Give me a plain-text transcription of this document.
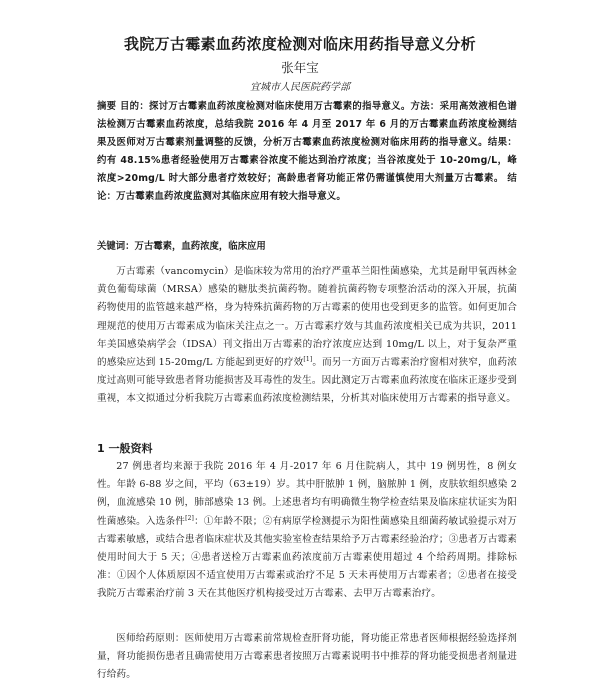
我院万古霉素血药浓度检测对临床用药指导意义分析
张年宝
宜城市人民医院药学部
摘要 目的：探讨万古霉素血药浓度检测对临床使用万古霉素的指导意义。方法：采用高效液相色谱法检测万古霉素血药浓度，总结我院 2016 年 4 月至 2017 年 6 月的万古霉素血药浓度检测结果及医师对万古霉素剂量调整的反馈，分析万古霉素血药浓度检测对临床用药的指导意义。结果：约有 48.15%患者经验使用万古霉素谷浓度不能达到治疗浓度；当谷浓度处于 10-20mg/L，峰浓度>20mg/L 时大部分患者疗效较好；高龄患者肾功能正常仍需谨慎使用大剂量万古霉素。 结论：万古霉素血药浓度监测对其临床应用有较大指导意义。
关键词：万古霉素，血药浓度，临床应用
万古霉素（vancomycin）是临床较为常用的治疗严重革兰阳性菌感染，尤其是耐甲氧西林金黄色葡萄球菌（MRSA）感染的糖肽类抗菌药物。随着抗菌药物专项整治活动的深入开展，抗菌药物使用的监管越来越严格，身为特殊抗菌药物的万古霉素的使用也受到更多的监管。如何更加合理规范的使用万古霉素成为临床关注点之一。万古霉素疗效与其血药浓度相关已成为共识，2011 年美国感染病学会（IDSA）刊文指出万古霉素的治疗浓度应达到 10mg/L 以上，对于复杂严重的感染应达到 15-20mg/L 方能起到更好的疗效[1]。而另一方面万古霉素治疗窗相对狭窄，血药浓度过高则可能导致患者肾功能损害及耳毒性的发生。因此测定万古霉素血药浓度在临床正逐步受到重视，本文拟通过分析我院万古霉素血药浓度检测结果，分析其对临床使用万古霉素的指导意义。
1 一般资料
27 例患者均来源于我院 2016 年 4 月-2017 年 6 月住院病人，其中 19 例男性，8 例女性。年龄 6-88 岁之间，平均（63±19）岁。其中肝脓肿 1 例，脑脓肿 1 例，皮肤软组织感染 2 例，血流感染 10 例，肺部感染 13 例。上述患者均有明确微生物学检查结果及临床症状证实为阳性菌感染。入选条件[2]：①年龄不限；②有病原学检测提示为阳性菌感染且细菌药敏试验提示对万古霉素敏感，或结合患者临床症状及其他实验室检查结果给予万古霉素经验治疗；③患者万古霉素使用时间大于 5 天；④患者送检万古霉素血药浓度前万古霉素使用超过 4 个给药周期。排除标准：①因个人体质原因不适宜使用万古霉素或治疗不足 5 天未再使用万古霉素者；②患者在接受我院万古霉素治疗前 3 天在其他医疗机构接受过万古霉素、去甲万古霉素治疗。
医师给药原则：医师使用万古霉素前常规检查肝肾功能，肾功能正常患者医师根据经验选择剂量，肾功能损伤患者且确需使用万古霉素患者按照万古霉素说明书中推荐的肾功能受损患者剂量进行给药。
